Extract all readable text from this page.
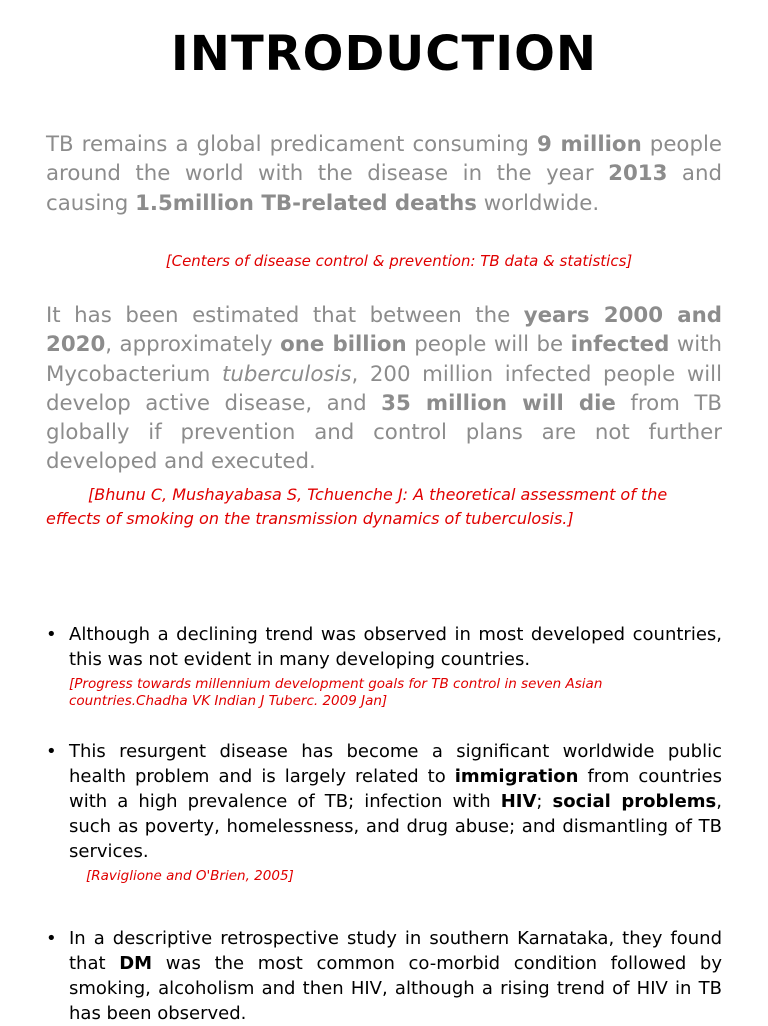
INTRODUCTION

TB remains a global predicament consuming 9 million people around the world with the disease in the year 2013 and causing 1.5million TB-related deaths worldwide.

[Centers of disease control & prevention: TB data & statistics]

It has been estimated that between the years 2000 and 2020, approximately one billion people will be infected with Mycobacterium tuberculosis, 200 million infected people will develop active disease, and 35 million will die from TB globally if prevention and control plans are not further developed and executed.

[Bhunu C, Mushayabasa S, Tchuenche J: A theoretical assessment of the effects of smoking on the transmission dynamics of tuberculosis.]

• Although a declining trend was observed in most developed countries, this was not evident in many developing countries.
[Progress towards millennium development goals for TB control in seven Asian countries.Chadha VK Indian J Tuberc. 2009 Jan]
• This resurgent disease has become a significant worldwide public health problem and is largely related to immigration from countries with a high prevalence of TB; infection with HIV; social problems, such as poverty, homelessness, and drug abuse; and dismantling of TB services.
[Raviglione and O'Brien, 2005]
• In a descriptive retrospective study in southern Karnataka, they found that DM was the most common co-morbid condition followed by smoking, alcoholism and then HIV, although a rising trend of HIV in TB has been observed.
